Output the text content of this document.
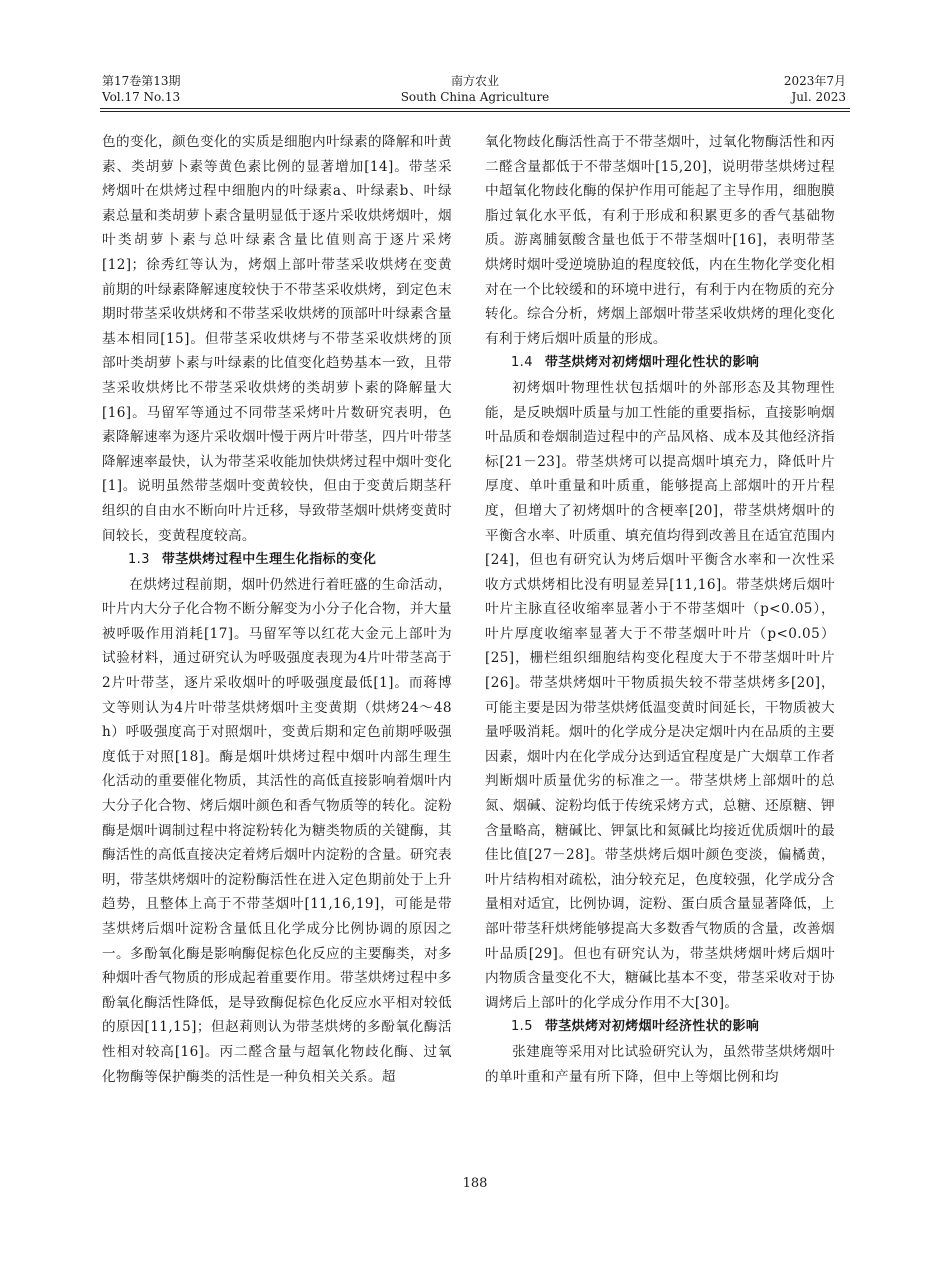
第17卷第13期
Vol.17 No.13
南方农业
South China Agriculture
2023年7月
Jul. 2023

色的变化，颜色变化的实质是细胞内叶绿素的降解和叶黄素、类胡萝卜素等黄色素比例的显著增加[14]。带茎采烤烟叶在烘烤过程中细胞内的叶绿素a、叶绿素b、叶绿素总量和类胡萝卜素含量明显低于逐片采收烘烤烟叶，烟叶类胡萝卜素与总叶绿素含量比值则高于逐片采烤[12]；徐秀红等认为，烤烟上部叶带茎采收烘烤在变黄前期的叶绿素降解速度较快于不带茎采收烘烤，到定色末期时带茎采收烘烤和不带茎采收烘烤的顶部叶叶绿素含量基本相同[15]。但带茎采收烘烤与不带茎采收烘烤的顶部叶类胡萝卜素与叶绿素的比值变化趋势基本一致，且带茎采收烘烤比不带茎采收烘烤的类胡萝卜素的降解量大[16]。马留军等通过不同带茎采烤叶片数研究表明，色素降解速率为逐片采收烟叶慢于两片叶带茎，四片叶带茎降解速率最快，认为带茎采收能加快烘烤过程中烟叶变化[1]。说明虽然带茎烟叶变黄较快，但由于变黄后期茎秆组织的自由水不断向叶片迁移，导致带茎烟叶烘烤变黄时间较长，变黄程度较高。

1.3 带茎烘烤过程中生理生化指标的变化

在烘烤过程前期，烟叶仍然进行着旺盛的生命活动，叶片内大分子化合物不断分解变为小分子化合物，并大量被呼吸作用消耗[17]。马留军等以红花大金元上部叶为试验材料，通过研究认为呼吸强度表现为4片叶带茎高于2片叶带茎，逐片采收烟叶的呼吸强度最低[1]。而蒋博文等则认为4片叶带茎烘烤烟叶主变黄期（烘烤24～48 h）呼吸强度高于对照烟叶，变黄后期和定色前期呼吸强度低于对照[18]。酶是烟叶烘烤过程中烟叶内部生理生化活动的重要催化物质，其活性的高低直接影响着烟叶内大分子化合物、烤后烟叶颜色和香气物质等的转化。淀粉酶是烟叶调制过程中将淀粉转化为糖类物质的关键酶，其酶活性的高低直接决定着烤后烟叶内淀粉的含量。研究表明，带茎烘烤烟叶的淀粉酶活性在进入定色期前处于上升趋势，且整体上高于不带茎烟叶[11,16,19]，可能是带茎烘烤后烟叶淀粉含量低且化学成分比例协调的原因之一。多酚氧化酶是影响酶促棕色化反应的主要酶类，对多种烟叶香气物质的形成起着重要作用。带茎烘烤过程中多酚氧化酶活性降低，是导致酶促棕色化反应水平相对较低的原因[11,15]；但赵莉则认为带茎烘烤的多酚氧化酶活性相对较高[16]。丙二醛含量与超氧化物歧化酶、过氧化物酶等保护酶类的活性是一种负相关关系。超

氧化物歧化酶活性高于不带茎烟叶，过氧化物酶活性和丙二醛含量都低于不带茎烟叶[15,20]，说明带茎烘烤过程中超氧化物歧化酶的保护作用可能起了主导作用，细胞膜脂过氧化水平低，有利于形成和积累更多的香气基础物质。游离脯氨酸含量也低于不带茎烟叶[16]，表明带茎烘烤时烟叶受逆境胁迫的程度较低，内在生物化学变化相对在一个比较缓和的环境中进行，有利于内在物质的充分转化。综合分析，烤烟上部烟叶带茎采收烘烤的理化变化有利于烤后烟叶质量的形成。

1.4 带茎烘烤对初烤烟叶理化性状的影响

初烤烟叶物理性状包括烟叶的外部形态及其物理性能，是反映烟叶质量与加工性能的重要指标，直接影响烟叶品质和卷烟制造过程中的产品风格、成本及其他经济指标[21－23]。带茎烘烤可以提高烟叶填充力，降低叶片厚度、单叶重量和叶质重，能够提高上部烟叶的开片程度，但增大了初烤烟叶的含梗率[20]，带茎烘烤烟叶的平衡含水率、叶质重、填充值均得到改善且在适宜范围内[24]，但也有研究认为烤后烟叶平衡含水率和一次性采收方式烘烤相比没有明显差异[11,16]。带茎烘烤后烟叶叶片主脉直径收缩率显著小于不带茎烟叶（p<0.05），叶片厚度收缩率显著大于不带茎烟叶叶片（p<0.05）[25]，栅栏组织细胞结构变化程度大于不带茎烟叶叶片[26]。带茎烘烤烟叶干物质损失较不带茎烘烤多[20]，可能主要是因为带茎烘烤低温变黄时间延长，干物质被大量呼吸消耗。烟叶的化学成分是决定烟叶内在品质的主要因素，烟叶内在化学成分达到适宜程度是广大烟草工作者判断烟叶质量优劣的标准之一。带茎烘烤上部烟叶的总氮、烟碱、淀粉均低于传统采烤方式，总糖、还原糖、钾含量略高，糖碱比、钾氯比和氮碱比均接近优质烟叶的最佳比值[27－28]。带茎烘烤后烟叶颜色变淡，偏橘黄，叶片结构相对疏松，油分较充足，色度较强，化学成分含量相对适宜，比例协调，淀粉、蛋白质含量显著降低，上部叶带茎秆烘烤能够提高大多数香气物质的含量，改善烟叶品质[29]。但也有研究认为，带茎烘烤烟叶烤后烟叶内物质含量变化不大，糖碱比基本不变，带茎采收对于协调烤后上部叶的化学成分作用不大[30]。

1.5 带茎烘烤对初烤烟叶经济性状的影响

张建鹿等采用对比试验研究认为，虽然带茎烘烤烟叶的单叶重和产量有所下降，但中上等烟比例和均

188
